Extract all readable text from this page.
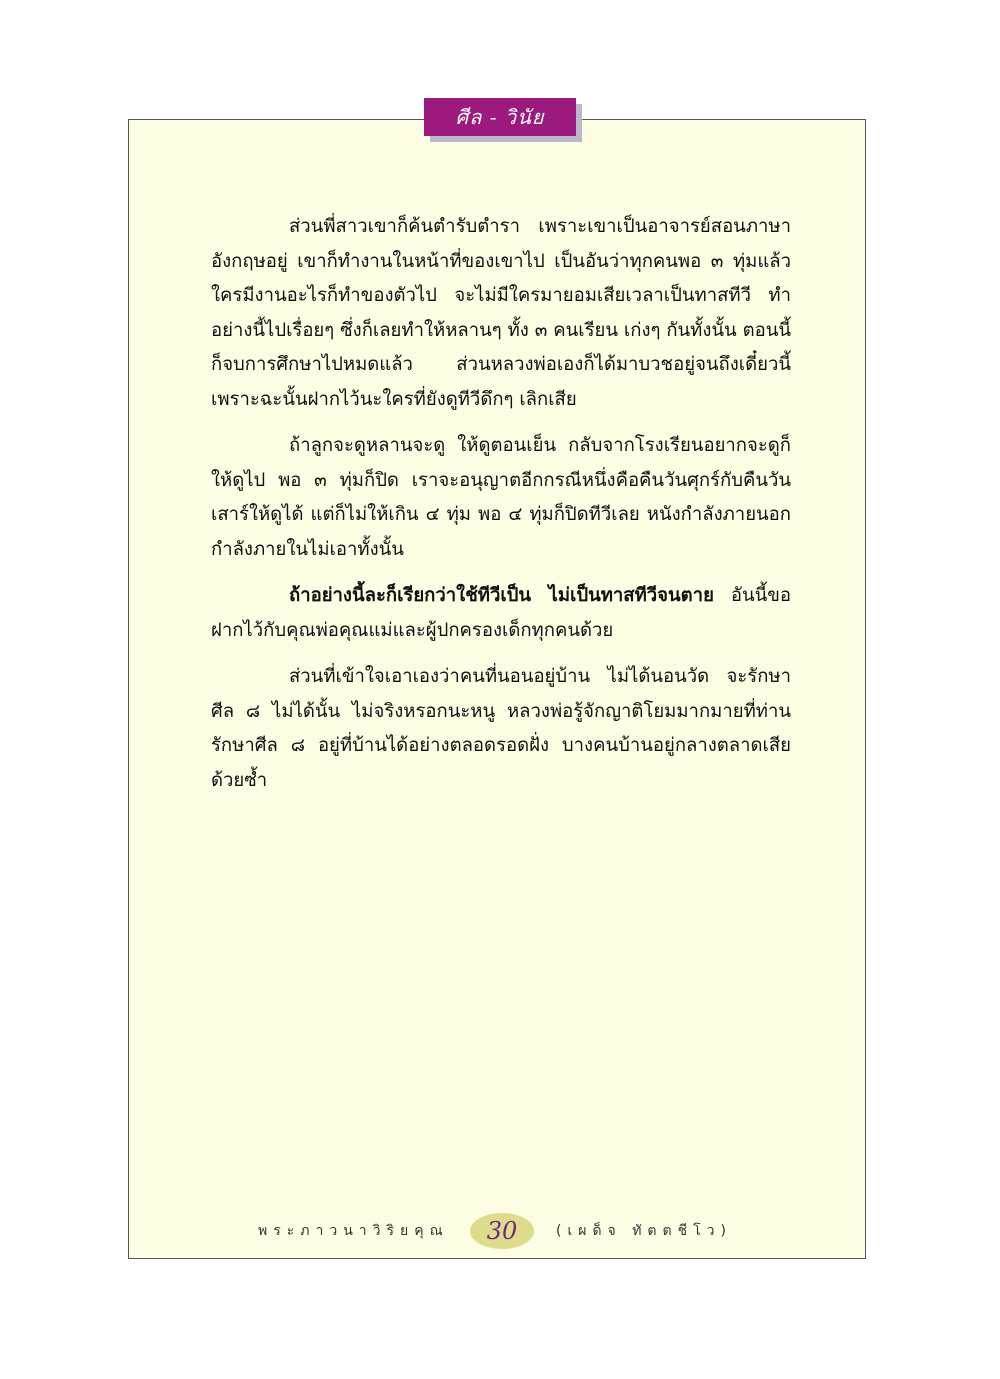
ศีล - วินัย

ส่วนพี่สาวเขาก็ค้นตำรับตำรา เพราะเขาเป็นอาจารย์สอนภาษาอังกฤษอยู่ เขาก็ทำงานในหน้าที่ของเขาไป เป็นอันว่าทุกคนพอ ๓ ทุ่มแล้วใครมีงานอะไรก็ทำของตัวไป จะไม่มีใครมายอมเสียเวลาเป็นทาสทีวี ทำอย่างนี้ไปเรื่อยๆ ซึ่งก็เลยทำให้หลานๆ ทั้ง ๓ คนเรียน เก่งๆ กันทั้งนั้น ตอนนี้ก็จบการศึกษาไปหมดแล้ว ส่วนหลวงพ่อเองก็ได้มาบวชอยู่จนถึงเดี๋ยวนี้ เพราะฉะนั้นฝากไว้นะใครที่ยังดูทีวีดึกๆ เลิกเสีย

ถ้าลูกจะดูหลานจะดู ให้ดูตอนเย็น กลับจากโรงเรียนอยากจะดูก็ให้ดูไป พอ ๓ ทุ่มก็ปิด เราจะอนุญาตอีกกรณีหนึ่งคือคืนวันศุกร์กับคืนวันเสาร์ให้ดูได้ แต่ก็ไม่ให้เกิน ๔ ทุ่ม พอ ๔ ทุ่มก็ปิดทีวีเลย หนังกำลังภายนอกกำลังภายในไม่เอาทั้งนั้น

ถ้าอย่างนี้ละก็เรียกว่าใช้ทีวีเป็น ไม่เป็นทาสทีวีจนตาย อันนี้ขอฝากไว้กับคุณพ่อคุณแม่และผู้ปกครองเด็กทุกคนด้วย

ส่วนที่เข้าใจเอาเองว่าคนที่นอนอยู่บ้าน ไม่ได้นอนวัด จะรักษาศีล ๘ ไม่ได้นั้น ไม่จริงหรอกนะหนู หลวงพ่อรู้จักญาติโยมมากมายที่ท่านรักษาศีล ๘ อยู่ที่บ้านได้อย่างตลอดรอดฝั่ง บางคนบ้านอยู่กลางตลาดเสียด้วยซ้ำ

พระภาวนาวิริยคุณ	30	(เผด็จ ทัตตชีโว)
